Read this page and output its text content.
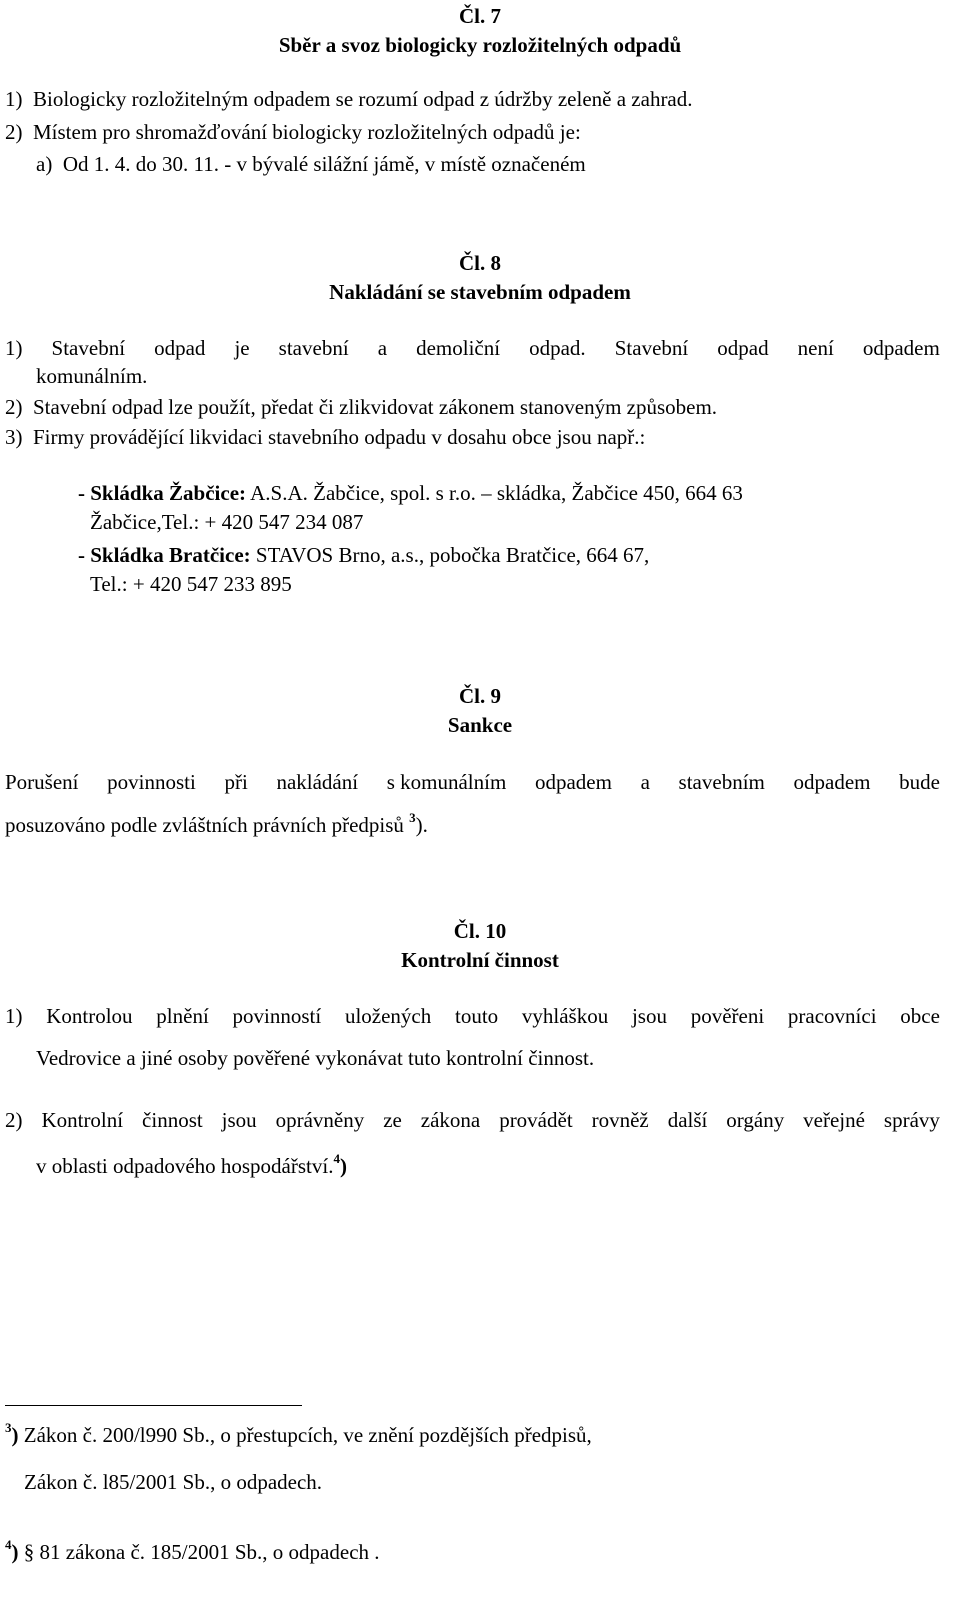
Čl. 7
Sběr a svoz biologicky rozložitelných odpadů
1)  Biologicky rozložitelným odpadem se rozumí odpad z údržby zeleně a zahrad.
2)  Místem pro shromažďování biologicky rozložitelných odpadů je:
a)  Od 1. 4. do 30. 11. - v bývalé silážní jámě, v místě označeném
Čl. 8
Nakládání se stavebním odpadem
1) Stavební odpad je stavební a demoliční odpad. Stavební odpad není odpadem
komunálním.
2)  Stavební odpad lze použít, předat či zlikvidovat zákonem stanoveným způsobem.
3)  Firmy provádějící likvidaci stavebního odpadu v dosahu obce jsou např.:
- Skládka Žabčice: A.S.A. Žabčice, spol. s r.o. – skládka, Žabčice 450, 664 63
Žabčice,Tel.: + 420 547 234 087
- Skládka Bratčice: STAVOS Brno, a.s., pobočka Bratčice, 664 67,
Tel.: + 420 547 233 895
Čl. 9
Sankce
Porušení povinnosti při nakládání s komunálním odpadem a stavebním odpadem bude
posuzováno podle zvláštních právních předpisů $^3$).
Čl. 10
Kontrolní činnost
1) Kontrolou plnění povinností uložených touto vyhláškou jsou pověřeni pracovníci obce
Vedrovice a jiné osoby pověřené vykonávat tuto kontrolní činnost.
2) Kontrolní činnost jsou oprávněny ze zákona provádět rovněž další orgány veřejné správy
v oblasti odpadového hospodářství.$^4$)
$^3$) Zákon č. 200/l990 Sb., o přestupcích, ve znění pozdějších předpisů,
Zákon č. l85/2001 Sb., o odpadech.
$^4$) § 81 zákona č. 185/2001 Sb., o odpadech .
